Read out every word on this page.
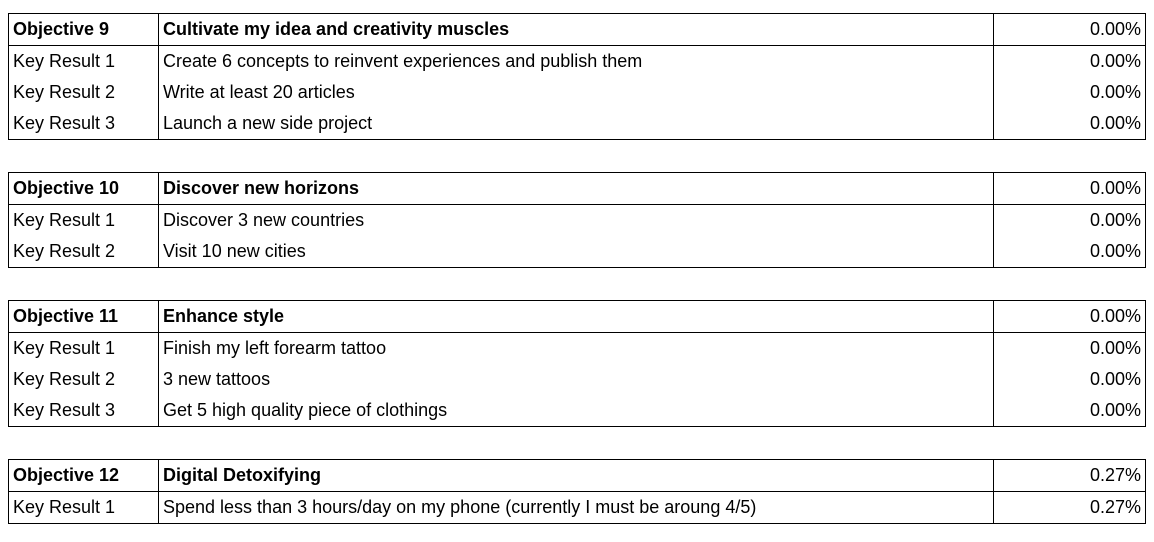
Objective 9	Cultivate my idea and creativity muscles	0.00%
Key Result 1	Create 6 concepts to reinvent experiences and publish them	0.00%
Key Result 2	Write at least 20 articles	0.00%
Key Result 3	Launch a new side project	0.00%
Objective 10	Discover new horizons	0.00%
Key Result 1	Discover 3 new countries	0.00%
Key Result 2	Visit 10 new cities	0.00%
Objective 11	Enhance style	0.00%
Key Result 1	Finish my left forearm tattoo	0.00%
Key Result 2	3 new tattoos	0.00%
Key Result 3	Get 5 high quality piece of clothings	0.00%
Objective 12	Digital Detoxifying	0.27%
Key Result 1	Spend less than 3 hours/day on my phone (currently I must be aroung 4/5)	0.27%
